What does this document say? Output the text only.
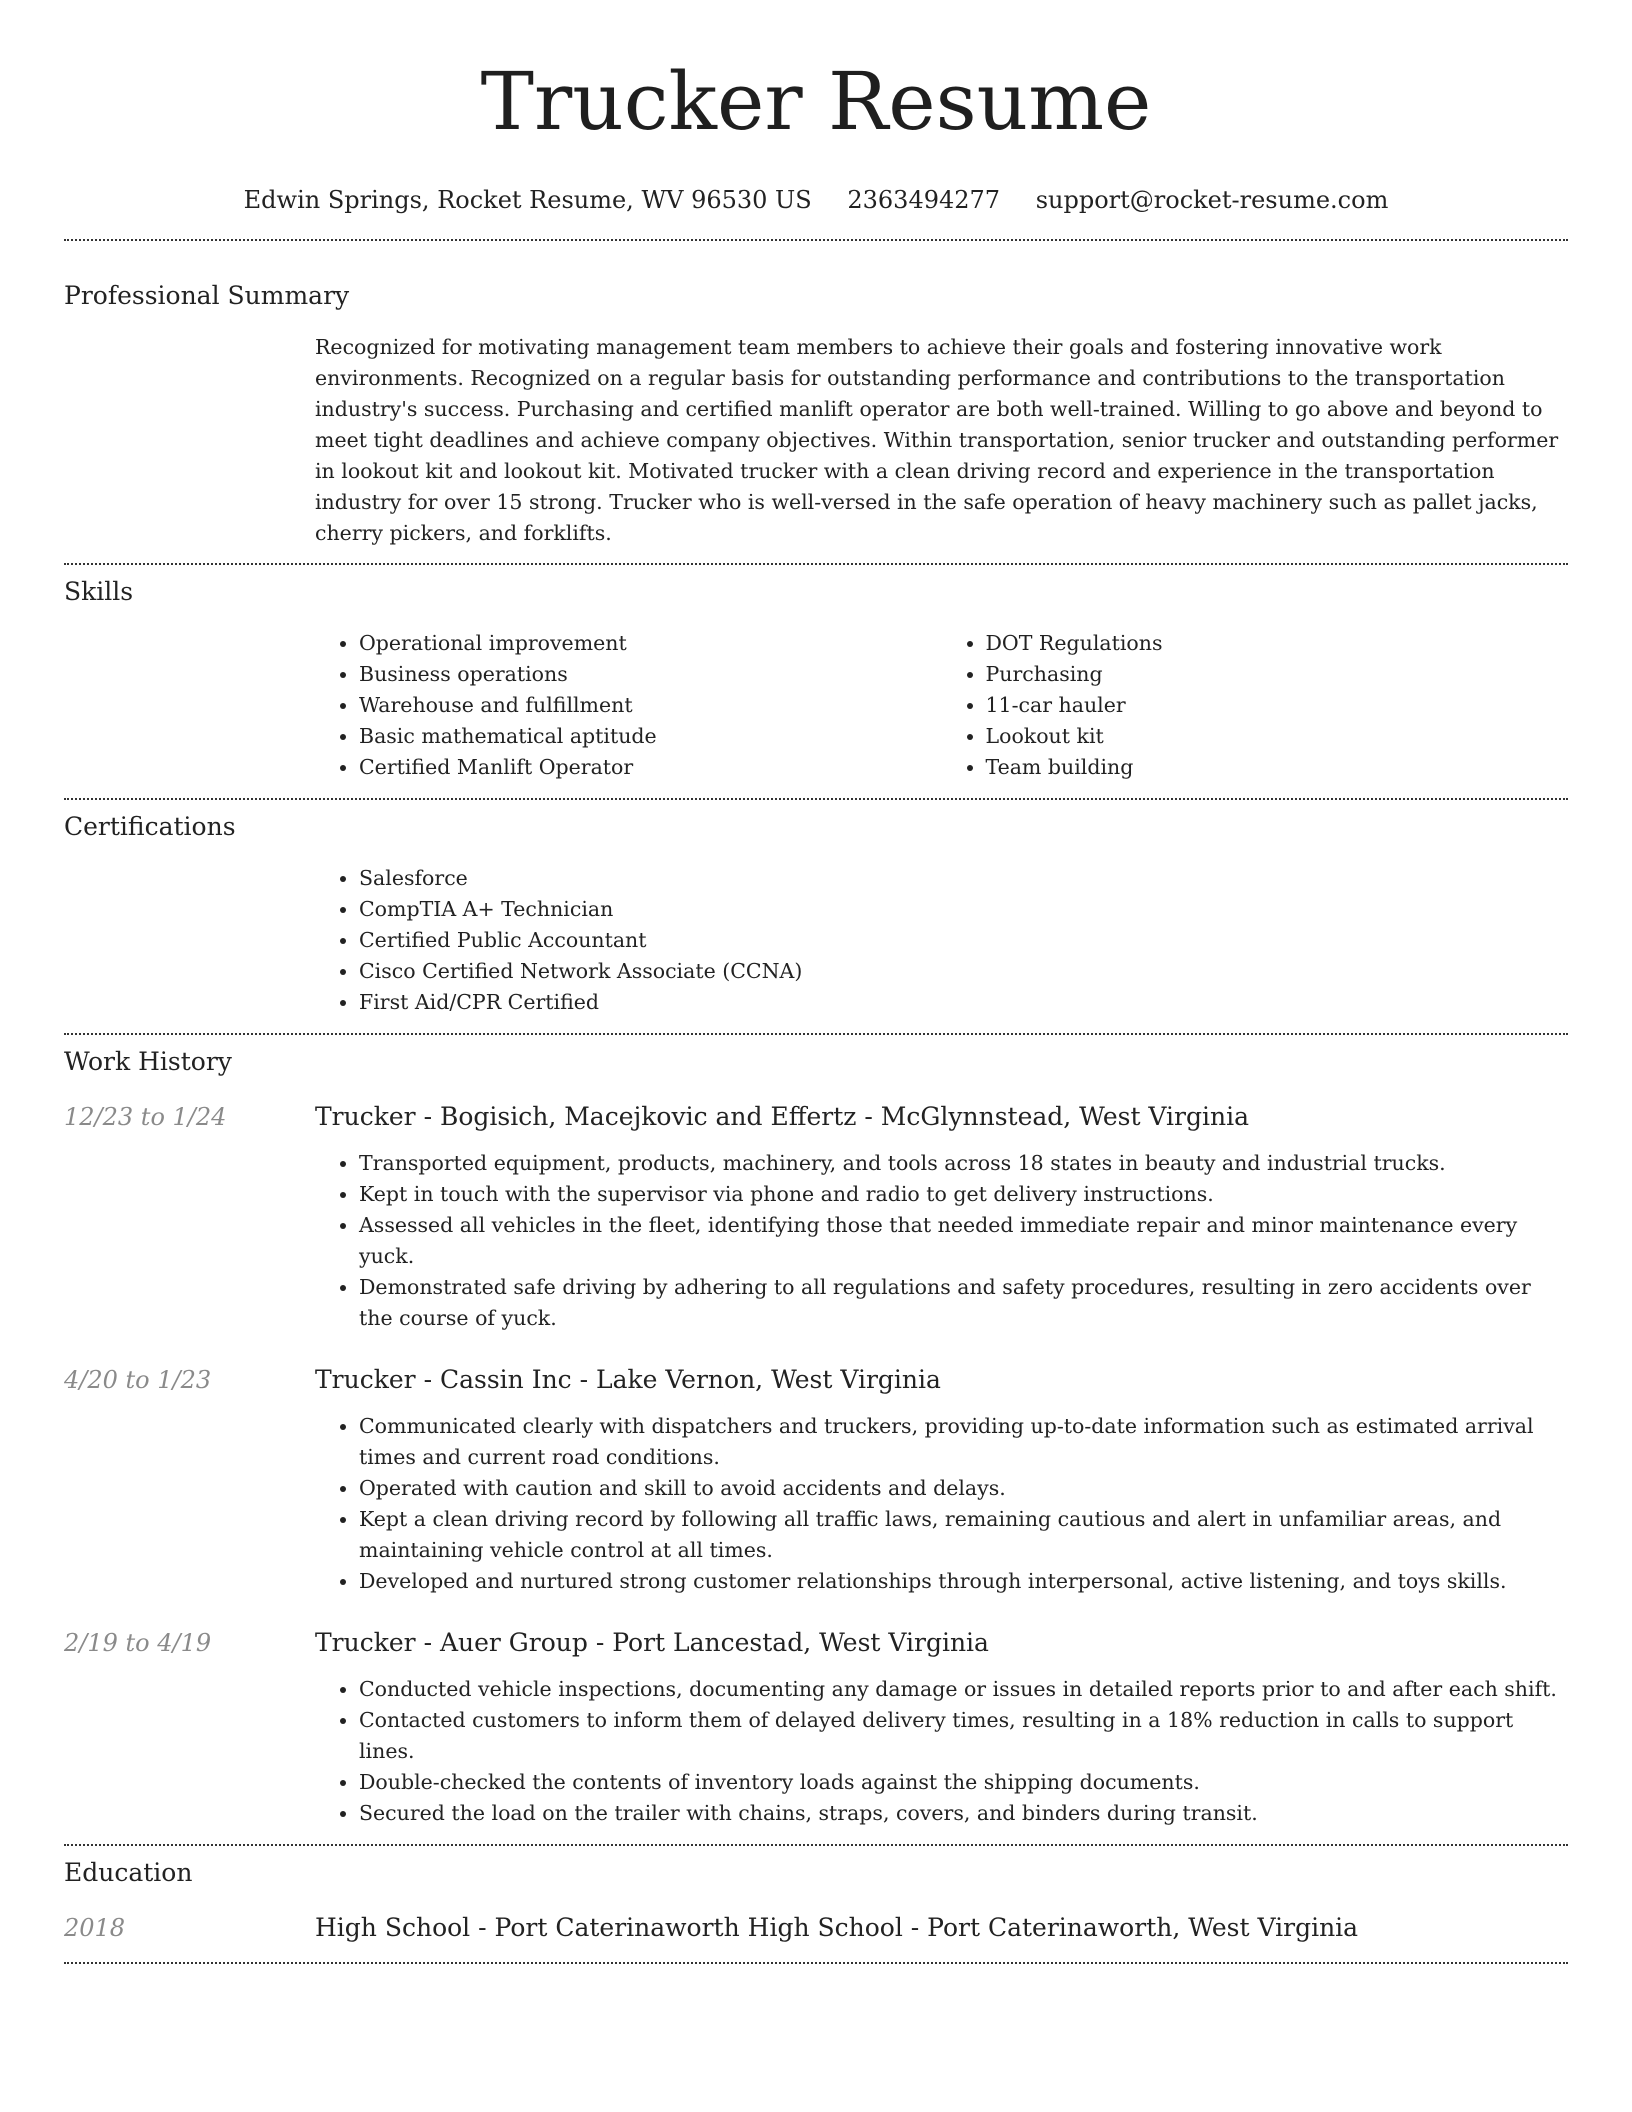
Trucker Resume
Edwin Springs, Rocket Resume, WV 96530 US 2363494277 support@rocket-resume.com
Professional Summary

Recognized for motivating management team members to achieve their goals and fostering innovative work environments. Recognized on a regular basis for outstanding performance and contributions to the transportation industry's success. Purchasing and certified manlift operator are both well-trained. Willing to go above and beyond to meet tight deadlines and achieve company objectives. Within transportation, senior trucker and outstanding performer in lookout kit and lookout kit. Motivated trucker with a clean driving record and experience in the transportation industry for over 15 strong. Trucker who is well-versed in the safe operation of heavy machinery such as pallet jacks, cherry pickers, and forklifts.

Skills
• Operational improvement
• Business operations
• Warehouse and fulfillment
• Basic mathematical aptitude
• Certified Manlift Operator
• DOT Regulations
• Purchasing
• 11-car hauler
• Lookout kit
• Team building
Certifications
• Salesforce
• CompTIA A+ Technician
• Certified Public Accountant
• Cisco Certified Network Associate (CCNA)
• First Aid/CPR Certified
Work History
12/23 to 1/24	Trucker - Bogisich, Macejkovic and Effertz - McGlynnstead, West Virginia
• Transported equipment, products, machinery, and tools across 18 states in beauty and industrial trucks.
• Kept in touch with the supervisor via phone and radio to get delivery instructions.
• Assessed all vehicles in the fleet, identifying those that needed immediate repair and minor maintenance every yuck.
• Demonstrated safe driving by adhering to all regulations and safety procedures, resulting in zero accidents over the course of yuck.
4/20 to 1/23	Trucker - Cassin Inc - Lake Vernon, West Virginia
• Communicated clearly with dispatchers and truckers, providing up-to-date information such as estimated arrival times and current road conditions.
• Operated with caution and skill to avoid accidents and delays.
• Kept a clean driving record by following all traffic laws, remaining cautious and alert in unfamiliar areas, and maintaining vehicle control at all times.
• Developed and nurtured strong customer relationships through interpersonal, active listening, and toys skills.
2/19 to 4/19	Trucker - Auer Group - Port Lancestad, West Virginia
• Conducted vehicle inspections, documenting any damage or issues in detailed reports prior to and after each shift.
• Contacted customers to inform them of delayed delivery times, resulting in a 18% reduction in calls to support lines.
• Double-checked the contents of inventory loads against the shipping documents.
• Secured the load on the trailer with chains, straps, covers, and binders during transit.
Education
2018	High School - Port Caterinaworth High School - Port Caterinaworth, West Virginia
